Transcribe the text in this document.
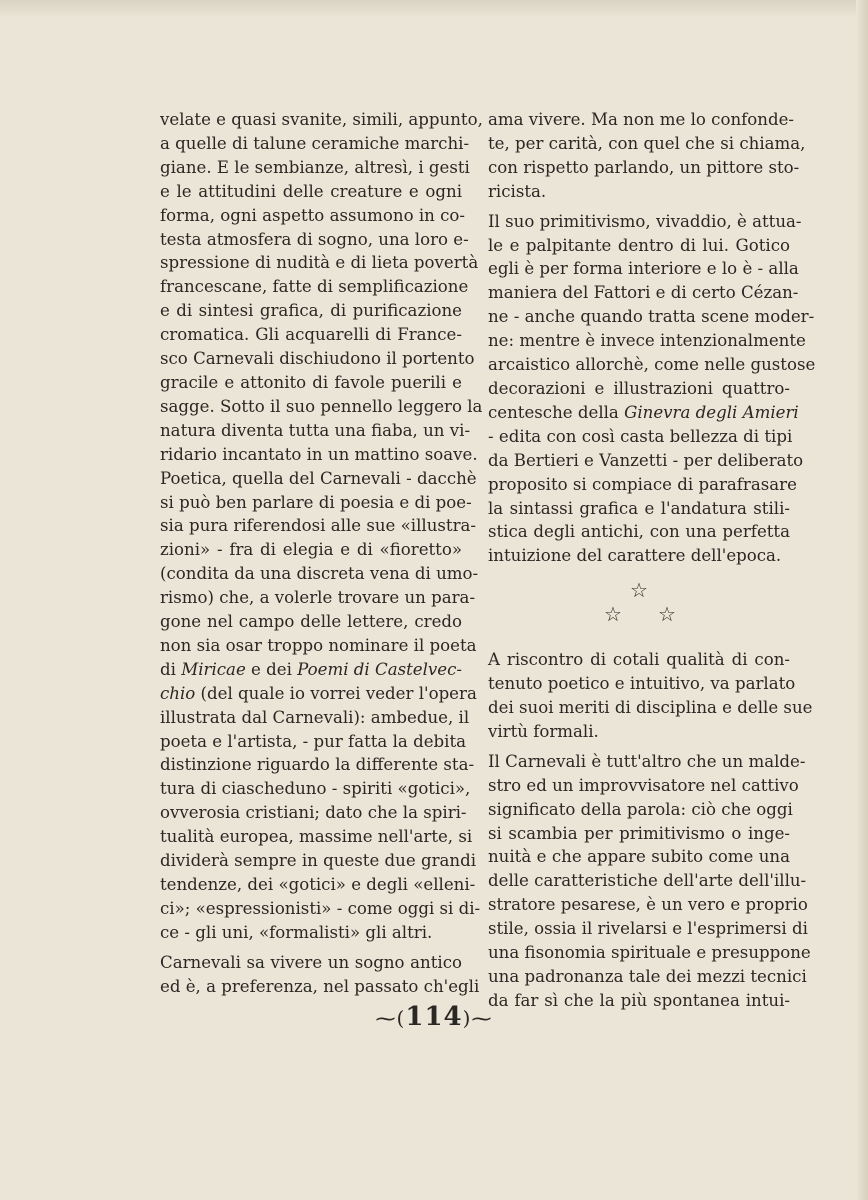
velate e quasi svanite, simili, appunto,
a quelle di talune ceramiche marchi-
giane. E le sembianze, altresì, i gesti
e le attitudini delle creature e ogni
forma, ogni aspetto assumono in co-
testa atmosfera di sogno, una loro e-
spressione di nudità e di lieta povertà
francescane, fatte di semplificazione
e di sintesi grafica, di purificazione
cromatica. Gli acquarelli di France-
sco Carnevali dischiudono il portento
gracile e attonito di favole puerili e
sagge. Sotto il suo pennello leggero la
natura diventa tutta una fiaba, un vi-
ridario incantato in un mattino soave.
Poetica, quella del Carnevali - dacchè
si può ben parlare di poesia e di poe-
sia pura riferendosi alle sue «illustra-
zioni» - fra di elegia e di «fioretto»
(condita da una discreta vena di umo-
rismo) che, a volerle trovare un para-
gone nel campo delle lettere, credo
non sia osar troppo nominare il poeta
di Miricae e dei Poemi di Castelvec-
chio (del quale io vorrei veder l'opera
illustrata dal Carnevali): ambedue, il
poeta e l'artista, - pur fatta la debita
distinzione riguardo la differente sta-
tura di ciascheduno - spiriti «gotici»,
ovverosia cristiani; dato che la spiri-
tualità europea, massime nell'arte, si
dividerà sempre in queste due grandi
tendenze, dei «gotici» e degli «elleni-
ci»; «espressionisti» - come oggi si di-
ce - gli uni, «formalisti» gli altri.
Carnevali sa vivere un sogno antico
ed è, a preferenza, nel passato ch'egli
ama vivere. Ma non me lo confonde-
te, per carità, con quel che si chiama,
con rispetto parlando, un pittore sto-
ricista.
Il suo primitivismo, vivaddio, è attua-
le e palpitante dentro di lui. Gotico
egli è per forma interiore e lo è - alla
maniera del Fattori e di certo Cézan-
ne - anche quando tratta scene moder-
ne: mentre è invece intenzionalmente
arcaistico allorchè, come nelle gustose
decorazioni e illustrazioni quattro-
centesche della Ginevra degli Amieri
- edita con così casta bellezza di tipi
da Bertieri e Vanzetti - per deliberato
proposito si compiace di parafrasare
la sintassi grafica e l'andatura stili-
stica degli antichi, con una perfetta
intuizione del carattere dell'epoca.
☆
☆ ☆
A riscontro di cotali qualità di con-
tenuto poetico e intuitivo, va parlato
dei suoi meriti di disciplina e delle sue
virtù formali.
Il Carnevali è tutt'altro che un malde-
stro ed un improvvisatore nel cattivo
significato della parola: ciò che oggi
si scambia per primitivismo o inge-
nuità e che appare subito come una
delle caratteristiche dell'arte dell'illu-
stratore pesarese, è un vero e proprio
stile, ossia il rivelarsi e l'esprimersi di
una fisonomia spirituale e presuppone
una padronanza tale dei mezzi tecnici
da far sì che la più spontanea intui-
⁓(114)⁓
